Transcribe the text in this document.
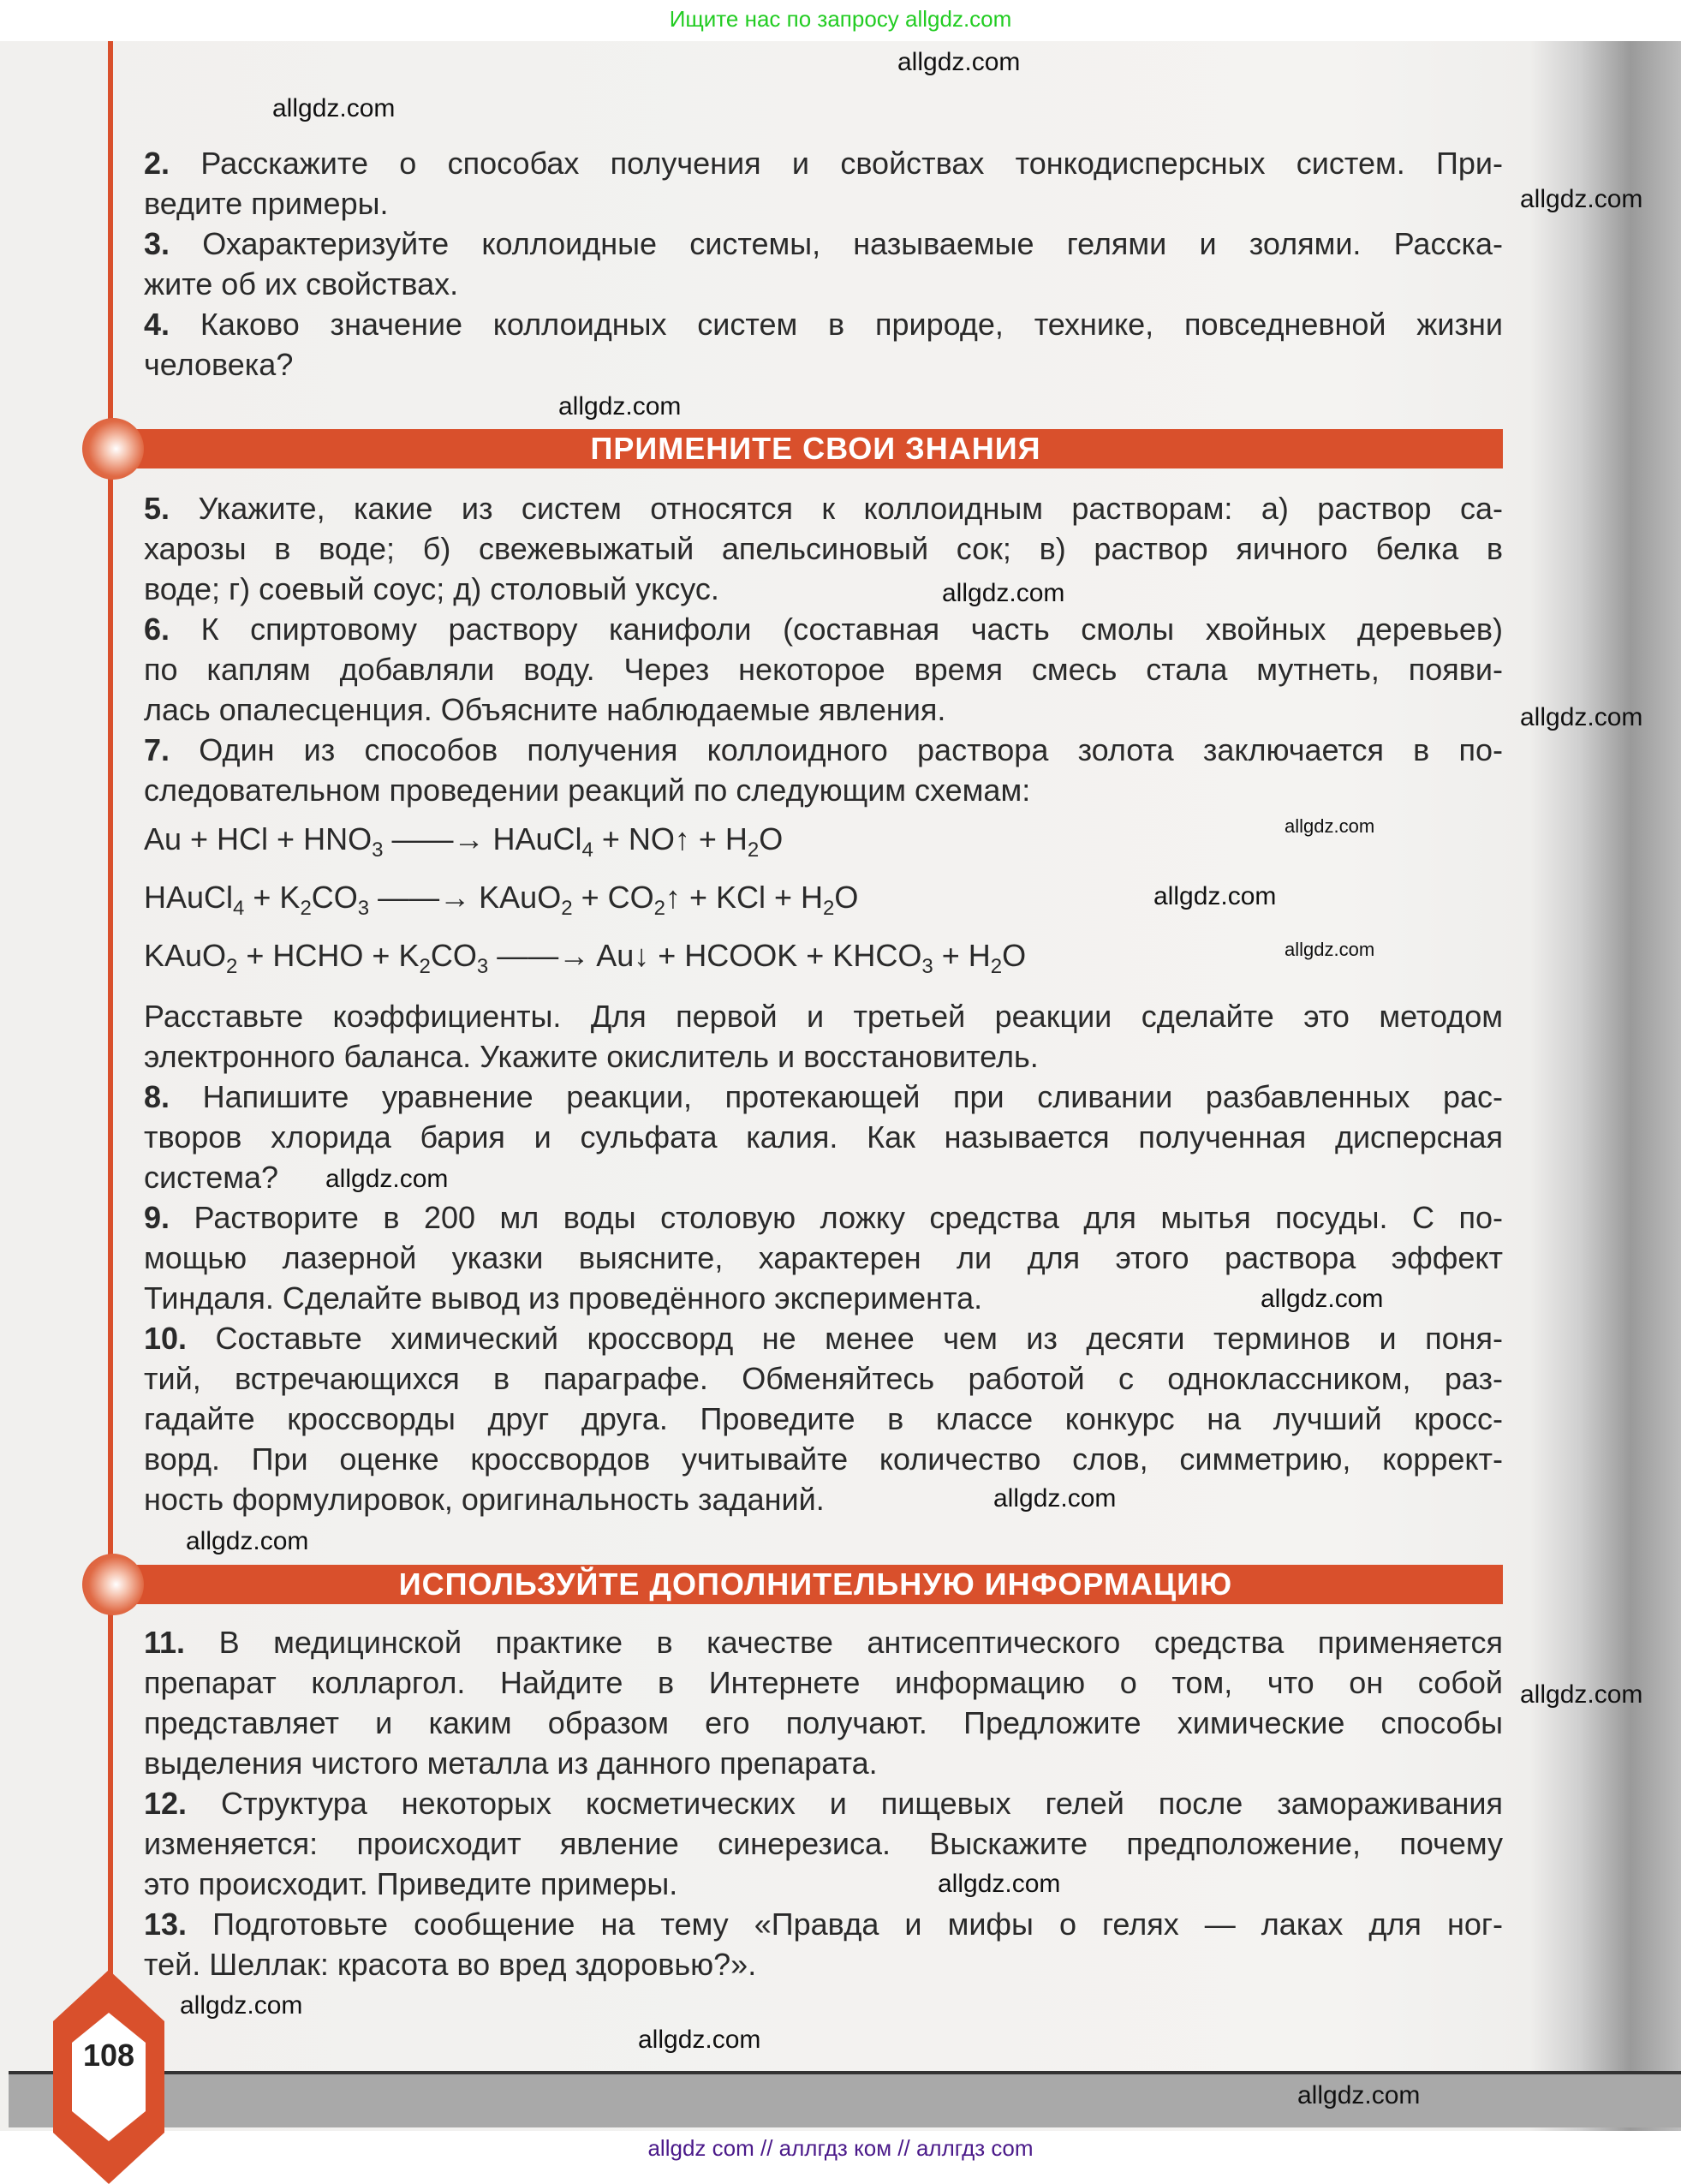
Ищите нас по запросу allgdz.com
2. Расскажите о способах получения и свойствах тонкодисперсных систем. При-
ведите примеры.
3. Охарактеризуйте коллоидные системы, называемые гелями и золями. Расска-
жите об их свойствах.
4. Каково значение коллоидных систем в природе, технике, повседневной жизни
человека?
ПРИМЕНИТЕ СВОИ ЗНАНИЯ
5. Укажите, какие из систем относятся к коллоидным растворам: а) раствор са-
харозы в воде; б) свежевыжатый апельсиновый сок; в) раствор яичного белка в
воде; г) соевый соус; д) столовый уксус.
6. К спиртовому раствору канифоли (составная часть смолы хвойных деревьев)
по каплям добавляли воду. Через некоторое время смесь стала мутнеть, появи-
лась опалесценция. Объясните наблюдаемые явления.
7. Один из способов получения коллоидного раствора золота заключается в по-
следовательном проведении реакций по следующим схемам:
Au + HCl + $HNO_3$ ——→ HAuCl$_4$ + NO↑ + $H_2O$
HAuCl$_4$ + $K_2CO_3$ ——→ KAuO$_2$ + $CO_2↑$ + KCl + $H_2O$
KAuO$_2$ + HCHO + $K_2CO_3$ ——→ Au↓ + HCOOK + $KHCO_3 + H_2O$
Расставьте коэффициенты. Для первой и третьей реакции сделайте это методом
электронного баланса. Укажите окислитель и восстановитель.
8. Напишите уравнение реакции, протекающей при сливании разбавленных рас-
творов хлорида бария и сульфата калия. Как называется полученная дисперсная
система?
9. Растворите в 200 мл воды столовую ложку средства для мытья посуды. С по-
мощью лазерной указки выясните, характерен ли для этого раствора эффект
Тиндаля. Сделайте вывод из проведённого эксперимента.
10. Составьте химический кроссворд не менее чем из десяти терминов и поня-
тий, встречающихся в параграфе. Обменяйтесь работой с одноклассником, раз-
гадайте кроссворды друг друга. Проведите в классе конкурс на лучший кросс-
ворд. При оценке кроссвордов учитывайте количество слов, симметрию, коррект-
ность формулировок, оригинальность заданий.
ИСПОЛЬЗУЙТЕ ДОПОЛНИТЕЛЬНУЮ ИНФОРМАЦИЮ
11. В медицинской практике в качестве антисептического средства применяется
препарат колларгол. Найдите в Интернете информацию о том, что он собой
представляет и каким образом его получают. Предложите химические способы
выделения чистого металла из данного препарата.
12. Структура некоторых косметических и пищевых гелей после замораживания
изменяется: происходит явление синерезиса. Выскажите предположение, почему
это происходит. Приведите примеры.
13. Подготовьте сообщение на тему «Правда и мифы о гелях — лаках для ног-
тей. Шеллак: красота во вред здоровью?».
108
allgdz.com
allgdz.com
allgdz.com
allgdz.com
allgdz.com
allgdz.com
allgdz.com
allgdz.com
allgdz.com
allgdz.com
allgdz.com
allgdz.com
allgdz.com
allgdz.com
allgdz.com
allgdz.com
allgdz.com
allgdz.com
allgdz com // аллгдз ком // аллгдз com
